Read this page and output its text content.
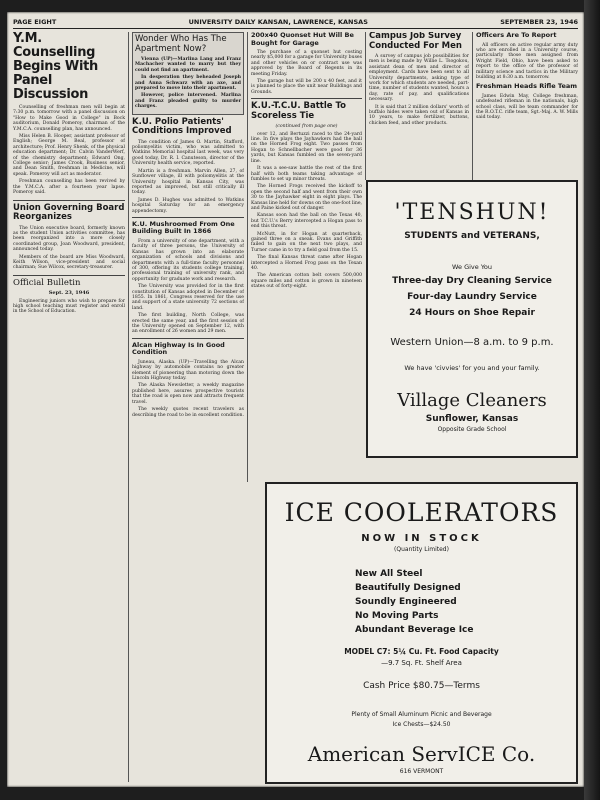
PAGE EIGHT	UNIVERSITY DAILY KANSAN, LAWRENCE, KANSAS	SEPTEMBER 23, 1946
Y.M. Counselling Begins With Panel Discussion

Counselling of freshman men will begin at 7:30 p.m. tomorrow with a panel discussion on "How to Make Good in College" in Bock auditorium, Donald Pomeroy, chairman of the Y.M.C.A. counselling plan, has announced.

Miss Helen B. Hooper, assistant professor of English; George M. Beal, professor of architecture; Prof. Henry Shenk, of the physical education department; Dr. Calvin VanderWerf, of the chemistry department; Edward Ong, College senior; James Crook, Business senior, and Dean Smith, freshman in Medicine, will speak. Pomeroy will act as moderator.

Freshman counselling has been revived by the Y.M.C.A. after a fourteen year lapse. Pomeroy said.

Union Governing Board Reorganizes

The Union executive board, formerly known as the student Union activities committee, has been reorganized into a more closely coordinated group, Joan Woodward, president, announced today.

Members of the board are Miss Woodward, Keith Wilson, vice-president and social chairman; Sue Wilcox, secretary-treasurer.

Official Bulletin
Sept. 23, 1946

Engineering juniors who wish to prepare for high school teaching must register and enroll in the School of Education.

Wonder Who Has The Apartment Now?

Vienna (UP)—Marlina Lang and Franz Machacher wanted to marry but they could not find an apartment.

In desperation they beheaded Joseph and Anna Schwarz with an axe, and prepared to move into their apartment.

However, police intervened. Marlina and Franz pleaded guilty to murder charges.

K.U. Polio Patients' Conditions Improved

The condition of James O. Martin, Stafford, poliomyelitis victim, who was admitted to Watkins Memorial hospital last week, was very good today, Dr. R. I. Canuteson, director of the University health service, reported.

Martin is a freshman. Marvin Allen, 27, of Sunflower village, ill with poliomyelitis at the University hospital in Kansas City, was reported as improved, but still critically ill today.

James D. Hughes was admitted to Watkins hospital Saturday for an emergency appendectomy.

K.U. Mushroomed From One Building Built In 1866

From a university of one department, with a faculty of three persons, the University of Kansas has grown into an elaborate organization of schools and divisions and departments with a full-time faculty personnel of 300, offering its students college training, professional training of university rank, and opportunity for graduate work and research.

The University was provided for in the first constitution of Kansas adopted in December of 1855. In 1861, Congress reserved for the use and support of a state university 72 sections of land.

The first building, North College, was erected the same year, and the first session of the University opened on September 12, with an enrollment of 26 women and 29 men.

Alcan Highway Is In Good Condition

Juneau, Alaska. (UP)—Travelling the Alcan highway by automobile contains no greater element of pioneering than motoring down the Lincoln Highway today.

The Alaska Newsletter, a weekly magazine published here, assures prospective tourists that the road is open now and attracts frequent travel.

The weekly quotes recent travelers as describing the road to be in excellent condition.

200x40 Quonset Hut Will Be Bought for Garage

The purchase of a quonset hut costing nearly $5,000 for a garage for University buses and other vehicles on or contract use was approved by the Board of Regents in its meeting Friday.

The garage hut will be 200 x 40 feet, and it is planned to place the unit near Buildings and Grounds.

K.U.-T.C.U. Battle To Scoreless Tie
(continued from page one)

over 12, and Bertuzzi raced to the 24-yard line. In five plays the Jayhawkers had the ball on the Horned Frog eight. Two passes from Hogan to Schnellbacher were good for 36 yards, but Kansas fumbled on the seven-yard line.

It was a see-saw battle the rest of the first half with both teams taking advantage of fumbles to set up minor threats.

The Horned Frogs received the kickoff to open the second half and went from their own 30 to the Jayhawker eight in eight plays. The Kansas line held for downs on the one-foot line, and Paine kicked out of danger.

Kansas soon had the ball on the Texas 40, but T.C.U.'s Berry intercepted a Hogan pass to end this threat.

McNutt, in for Hogan at quarterback, gained three on a sneak. Evans and Griffith failed to gain on the next two plays, and Turner came in to try a field goal from the 15.

The final Kansas threat came after Hogan intercepted a Horned Frog pass on the Texan 40.

The American cotton belt covers 500,000 square miles and cotton is grown in nineteen states out of forty-eight.

Campus Job Survey Conducted For Men

A survey of campus job possibilities for men is being made by Willie L. Tsogokou, assistant dean of men and director of employment. Cards have been sent to all University departments, asking type of work for which students are needed, part-time, number of students wanted, hours a day, rate of pay, and qualifications necessary.

It is said that 2 million dollars' worth of buffalo hides were taken out of Kansas in 10 years, to make fertilizer, buttons, chicken feed, and other products.

Officers Are To Report

All officers on active regular army duty who are enrolled in a University course, particularly those men assigned from Wright Field, Ohio, have been asked to report to the office of the professor of military science and tactics in the Military building at 8:30 a.m. tomorrow.

Freshman Heads Rifle Team

James Edwin May, College freshman, undefeated rifleman in the nationals, high school class, will be team commander for the R.O.T.C. rifle team, Sgt.-Maj. A. W. Mills said today.

'TENSHUN!
STUDENTS and VETERANS,
We Give You
Three-day Dry Cleaning Service
Four-day Laundry Service
24 Hours on Shoe Repair
Western Union—8 a.m. to 9 p.m.
We have 'civvies' for you and your family.
Village Cleaners
Sunflower, Kansas
Opposite Grade School
ICE COOLERATORS
NOW IN STOCK
(Quantity Limited)
New All Steel
Beautifully Designed
Soundly Engineered
No Moving Parts
Abundant Beverage Ice
MODEL C7: 5¼ Cu. Ft. Food Capacity
—9.7 Sq. Ft. Shelf Area
Cash Price $80.75—Terms
Plenty of Small Aluminum Picnic and Beverage
Ice Chests—$24.50
American ServICE Co.
616 VERMONT
